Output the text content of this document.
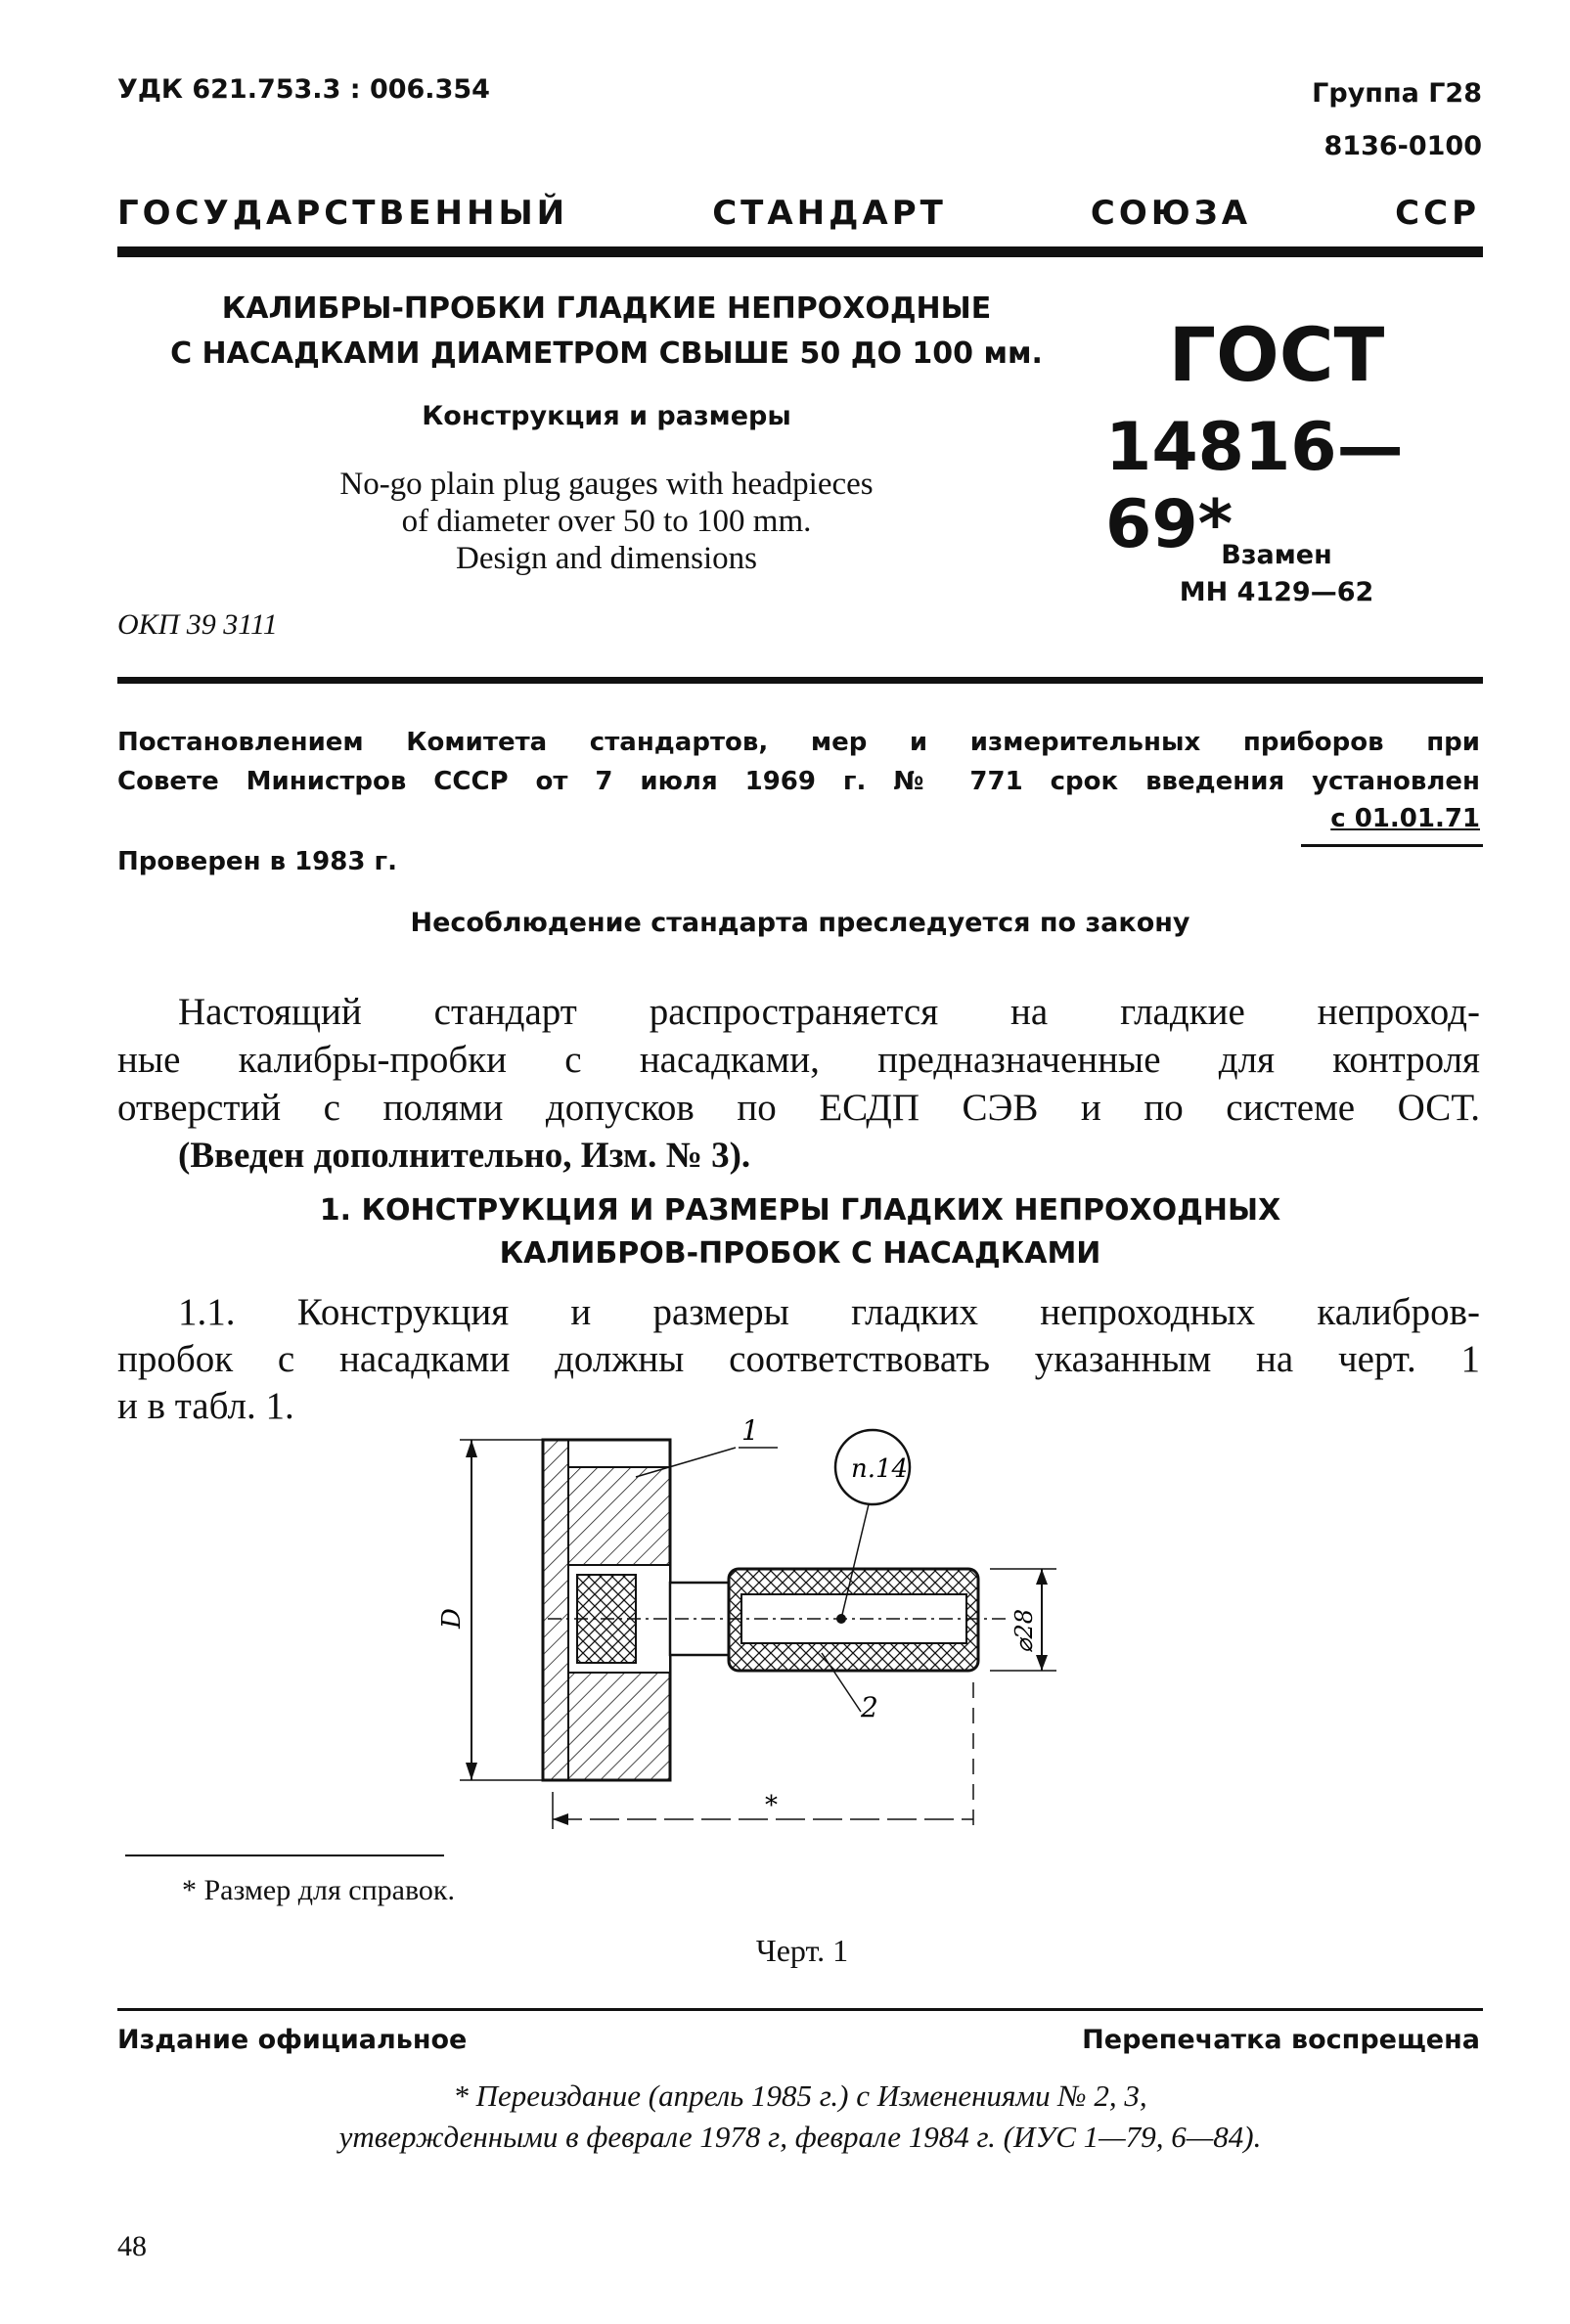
УДК 621.753.3 : 006.354	Группа Г28
8136-0100
ГОСУДАРСТВЕННЫЙ СТАНДАРТ СОЮЗА ССР
КАЛИБРЫ-ПРОБКИ ГЛАДКИЕ НЕПРОХОДНЫЕ
С НАСАДКАМИ ДИАМЕТРОМ СВЫШЕ 50 ДО 100 мм.
Конструкция и размеры

No-go plain plug gauges with headpieces

of diameter over 50 to 100 mm.

Design and dimensions

ОКП 39 3111
ГОСТ
14816—69*
Взамен
МН 4129—62
Постановлением Комитета стандартов, мер и измерительных приборов при
Совете Министров СССР от 7 июля 1969 г. № 771 срок введения установлен
с 01.01.71
Проверен в 1983 г.
Несоблюдение стандарта преследуется по закону

Настоящий стандарт распространяется на гладкие непроход-

ные калибры-пробки с насадками, предназначенные для контроля

отверстий с полями допусков по ЕСДП СЭВ и по системе ОСТ.

(Введен дополнительно, Изм. № 3).
1. КОНСТРУКЦИЯ И РАЗМЕРЫ ГЛАДКИХ НЕПРОХОДНЫХ
КАЛИБРОВ-ПРОБОК С НАСАДКАМИ

1.1. Конструкция и размеры гладких непроходных калибров-

пробок с насадками должны соответствовать указанным на черт. 1

и в табл. 1.

1
п.14
2
D	⌀28
*
* Размер для справок.
Черт. 1
Издание официальное	Перепечатка воспрещена

* Переиздание (апрель 1985 г.) с Изменениями № 2, 3,

утвержденными в феврале 1978 г, феврале 1984 г. (ИУС 1—79, 6—84).

48
